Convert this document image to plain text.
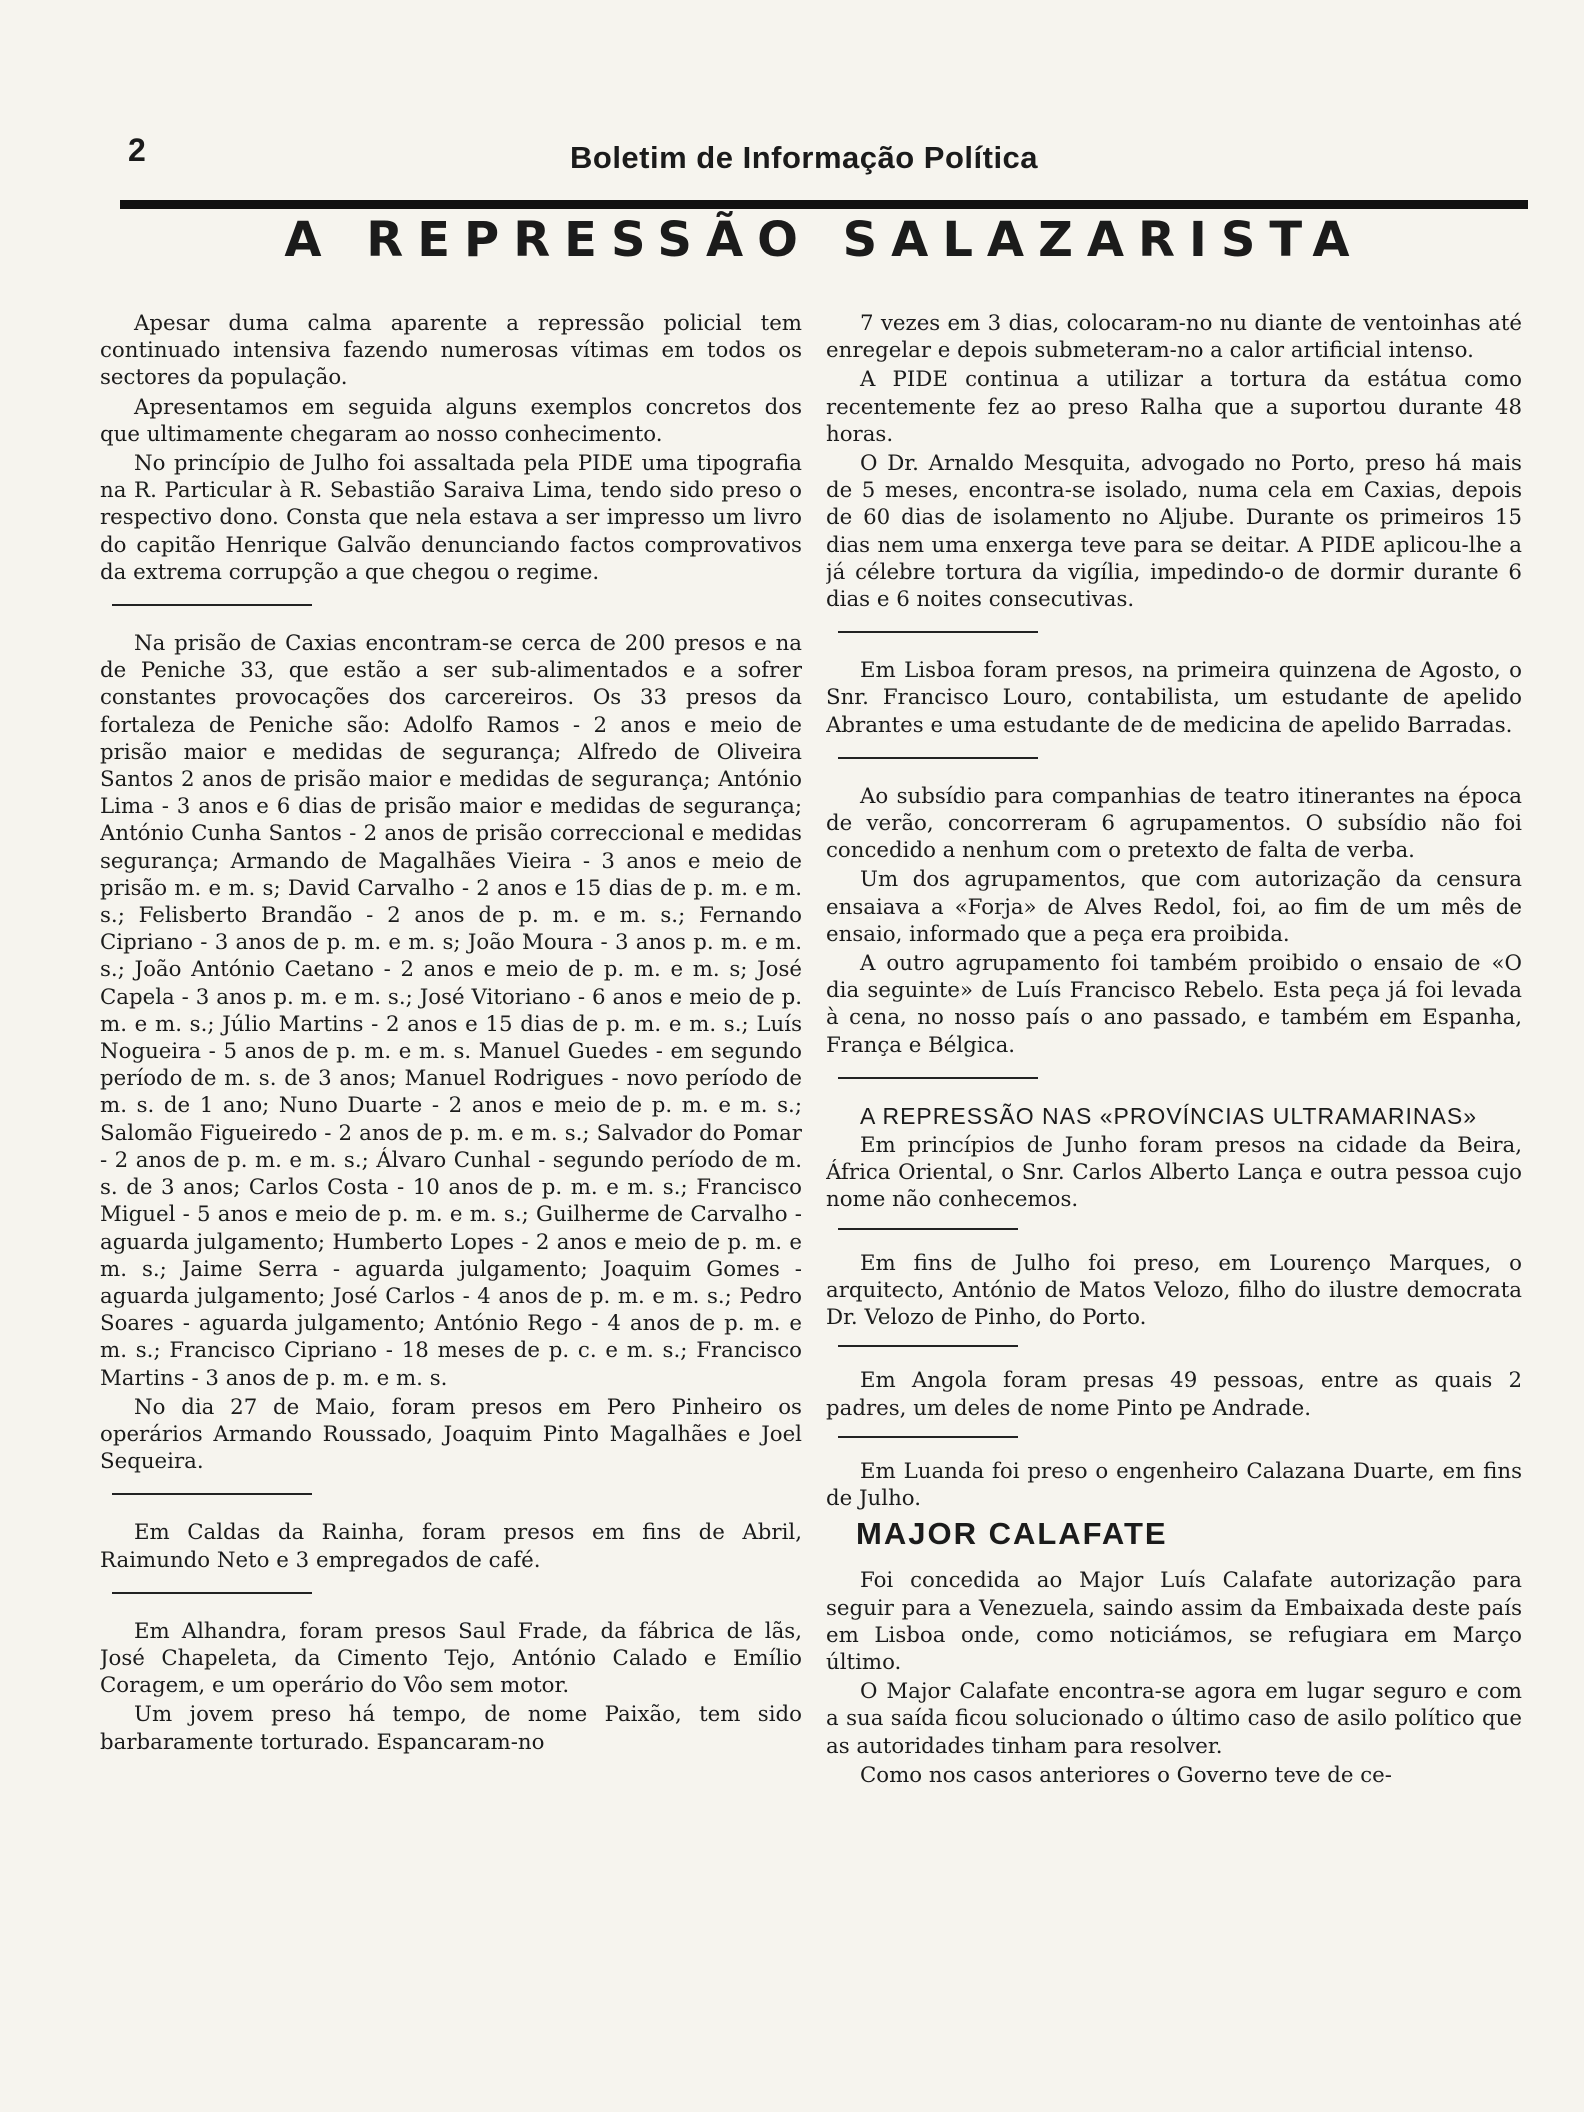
2	Boletim de Informação Política
A REPRESSÃO SALAZARISTA

Apesar duma calma aparente a repressão policial tem continuado intensiva fazendo numerosas vítimas em todos os sectores da população.

Apresentamos em seguida alguns exemplos concretos dos que ultimamente chegaram ao nosso conhecimento.

No princípio de Julho foi assaltada pela PIDE uma tipografia na R. Particular à R. Sebastião Saraiva Lima, tendo sido preso o respectivo dono. Consta que nela estava a ser impresso um livro do capitão Henrique Galvão denunciando factos comprovativos da extrema corrupção a que chegou o regime.

Na prisão de Caxias encontram-se cerca de 200 presos e na de Peniche 33, que estão a ser sub-alimentados e a sofrer constantes provocações dos carcereiros. Os 33 presos da fortaleza de Peniche são: Adolfo Ramos - 2 anos e meio de prisão maior e medidas de segurança; Alfredo de Oliveira Santos 2 anos de prisão maior e medidas de segurança; António Lima - 3 anos e 6 dias de prisão maior e medidas de segurança; António Cunha Santos - 2 anos de prisão correccional e medidas segurança; Armando de Magalhães Vieira - 3 anos e meio de prisão m. e m. s; David Carvalho - 2 anos e 15 dias de p. m. e m. s.; Felisberto Brandão - 2 anos de p. m. e m. s.; Fernando Cipriano - 3 anos de p. m. e m. s; João Moura - 3 anos p. m. e m. s.; João António Caetano - 2 anos e meio de p. m. e m. s; José Capela - 3 anos p. m. e m. s.; José Vitoriano - 6 anos e meio de p. m. e m. s.; Júlio Martins - 2 anos e 15 dias de p. m. e m. s.; Luís Nogueira - 5 anos de p. m. e m. s. Manuel Guedes - em segundo período de m. s. de 3 anos; Manuel Rodrigues - novo período de m. s. de 1 ano; Nuno Duarte - 2 anos e meio de p. m. e m. s.; Salomão Figueiredo - 2 anos de p. m. e m. s.; Salvador do Pomar - 2 anos de p. m. e m. s.; Álvaro Cunhal - segundo período de m. s. de 3 anos; Carlos Costa - 10 anos de p. m. e m. s.; Francisco Miguel - 5 anos e meio de p. m. e m. s.; Guilherme de Carvalho - aguarda julgamento; Humberto Lopes - 2 anos e meio de p. m. e m. s.; Jaime Serra - aguarda julgamento; Joaquim Gomes - aguarda julgamento; José Carlos - 4 anos de p. m. e m. s.; Pedro Soares - aguarda julgamento; António Rego - 4 anos de p. m. e m. s.; Francisco Cipriano - 18 meses de p. c. e m. s.; Francisco Martins - 3 anos de p. m. e m. s.

No dia 27 de Maio, foram presos em Pero Pinheiro os operários Armando Roussado, Joaquim Pinto Magalhães e Joel Sequeira.

Em Caldas da Rainha, foram presos em fins de Abril, Raimundo Neto e 3 empregados de café.

Em Alhandra, foram presos Saul Frade, da fábrica de lãs, José Chapeleta, da Cimento Tejo, António Calado e Emílio Coragem, e um operário do Vôo sem motor.

Um jovem preso há tempo, de nome Paixão, tem sido barbaramente torturado. Espancaram-no

7 vezes em 3 dias, colocaram-no nu diante de ventoinhas até enregelar e depois submeteram-no a calor artificial intenso.

A PIDE continua a utilizar a tortura da estátua como recentemente fez ao preso Ralha que a suportou durante 48 horas.

O Dr. Arnaldo Mesquita, advogado no Porto, preso há mais de 5 meses, encontra-se isolado, numa cela em Caxias, depois de 60 dias de isolamento no Aljube. Durante os primeiros 15 dias nem uma enxerga teve para se deitar. A PIDE aplicou-lhe a já célebre tortura da vigília, impedindo-o de dormir durante 6 dias e 6 noites consecutivas.

Em Lisboa foram presos, na primeira quinzena de Agosto, o Snr. Francisco Louro, contabilista, um estudante de apelido Abrantes e uma estudante de de medicina de apelido Barradas.

Ao subsídio para companhias de teatro itinerantes na época de verão, concorreram 6 agrupamentos. O subsídio não foi concedido a nenhum com o pretexto de falta de verba.

Um dos agrupamentos, que com autorização da censura ensaiava a «Forja» de Alves Redol, foi, ao fim de um mês de ensaio, informado que a peça era proibida.

A outro agrupamento foi também proibido o ensaio de «O dia seguinte» de Luís Francisco Rebelo. Esta peça já foi levada à cena, no nosso país o ano passado, e também em Espanha, França e Bélgica.

A REPRESSÃO NAS «PROVÍNCIAS ULTRAMARINAS»

Em princípios de Junho foram presos na cidade da Beira, África Oriental, o Snr. Carlos Alberto Lança e outra pessoa cujo nome não conhecemos.

Em fins de Julho foi preso, em Lourenço Marques, o arquitecto, António de Matos Velozo, filho do ilustre democrata Dr. Velozo de Pinho, do Porto.

Em Angola foram presas 49 pessoas, entre as quais 2 padres, um deles de nome Pinto pe Andrade.

Em Luanda foi preso o engenheiro Calazana Duarte, em fins de Julho.

MAJOR CALAFATE

Foi concedida ao Major Luís Calafate autorização para seguir para a Venezuela, saindo assim da Embaixada deste país em Lisboa onde, como noticiámos, se refugiara em Março último.

O Major Calafate encontra-se agora em lugar seguro e com a sua saída ficou solucionado o último caso de asilo político que as autoridades tinham para resolver.

Como nos casos anteriores o Governo teve de ce-
